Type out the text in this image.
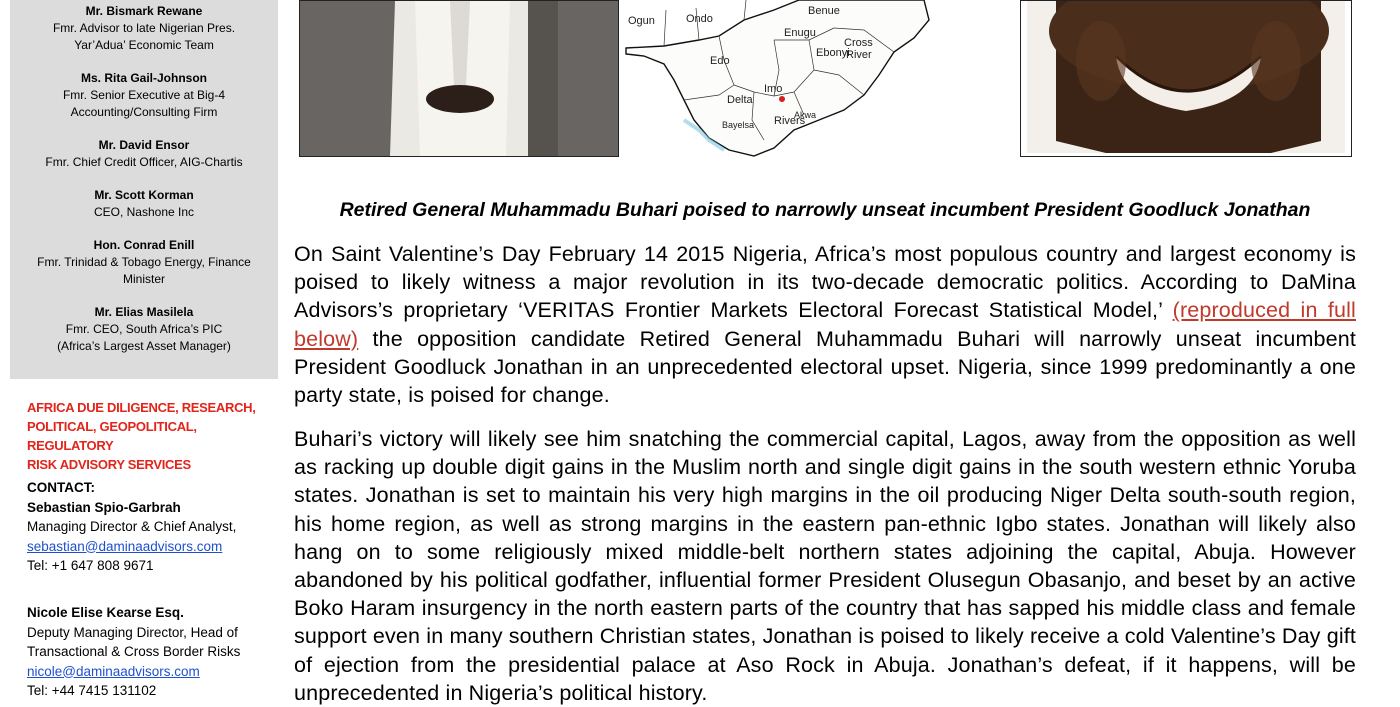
Mr. Bismark Rewane
Fmr. Advisor to late Nigerian Pres.
Yar’Adua’ Economic Team
Ms. Rita Gail-Johnson
Fmr. Senior Executive at Big-4
Accounting/Consulting Firm
Mr. David Ensor
Fmr. Chief Credit Officer, AIG-Chartis
Mr. Scott Korman
CEO, Nashone Inc
Hon. Conrad Enill
Fmr. Trinidad & Tobago Energy, Finance
Minister
Mr. Elias Masilela
Fmr. CEO, South Africa’s PIC
(Africa’s Largest Asset Manager)
AFRICA DUE DILIGENCE, RESEARCH,
POLITICAL, GEOPOLITICAL, REGULATORY
RISK ADVISORY SERVICES
CONTACT:
Sebastian Spio-Garbrah
Managing Director & Chief Analyst,
sebastian@daminaadvisors.com
Tel: +1 647 808 9671
Nicole Elise Kearse Esq.
Deputy Managing Director, Head of
Transactional & Cross Border Risks
nicole@daminaadvisors.com
Tel: +44 7415 131102
Ogun	Ondo
Edo
Delta
Imo
Rivers
Bayelsa
Akwa
Enugu
Ebonyi
Cross
River
Benue
Retired General Muhammadu Buhari poised to narrowly unseat incumbent President Goodluck Jonathan

On Saint Valentine’s Day February 14 2015 Nigeria, Africa’s most populous country and largest economy is poised to likely witness a major revolution in its two-decade democratic politics. According to DaMina Advisors’s proprietary ‘VERITAS Frontier Markets Electoral Forecast Statistical Model,’ (reproduced in full below) the opposition candidate Retired General Muhammadu Buhari will narrowly unseat incumbent President Goodluck Jonathan in an unprecedented electoral upset. Nigeria, since 1999 predominantly a one party state, is poised for change.

Buhari’s victory will likely see him snatching the commercial capital, Lagos, away from the opposition as well as racking up double digit gains in the Muslim north and single digit gains in the south western ethnic Yoruba states. Jonathan is set to maintain his very high margins in the oil producing Niger Delta south-south region, his home region, as well as strong margins in the eastern pan-ethnic Igbo states. Jonathan will likely also hang on to some religiously mixed middle-belt northern states adjoining the capital, Abuja. However abandoned by his political godfather, influential former President Olusegun Obasanjo, and beset by an active Boko Haram insurgency in the north eastern parts of the country that has sapped his middle class and female support even in many southern Christian states, Jonathan is poised to likely receive a cold Valentine’s Day gift of ejection from the presidential palace at Aso Rock in Abuja. Jonathan’s defeat, if it happens, will be unprecedented in Nigeria’s political history.
